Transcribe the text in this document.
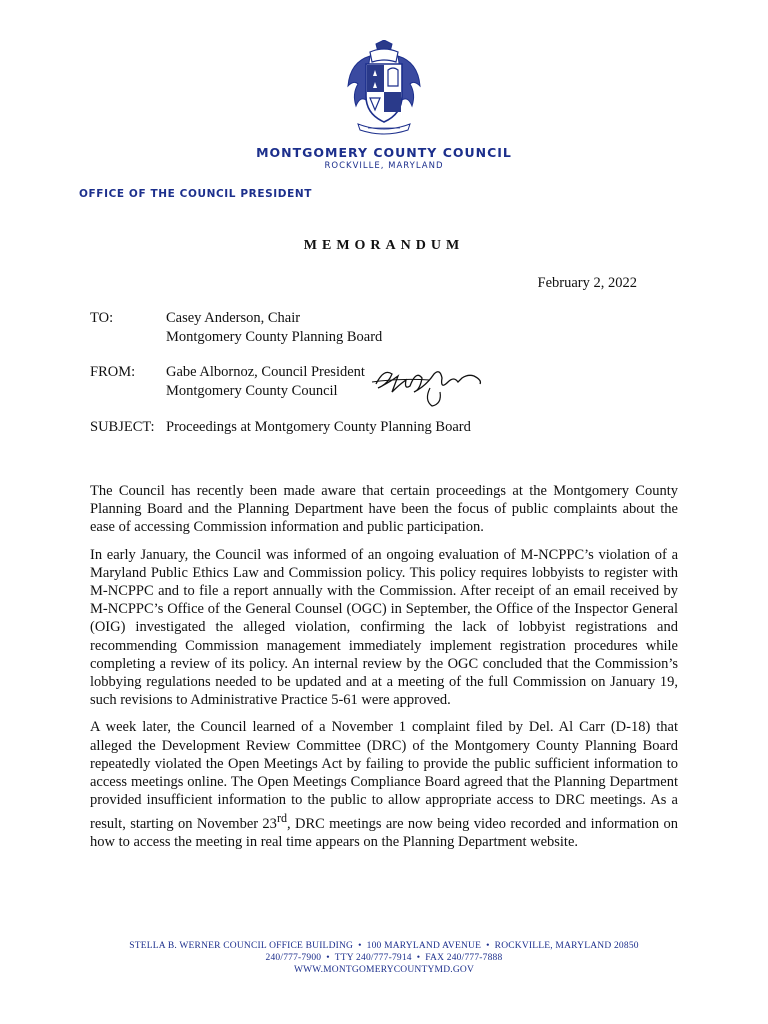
MONTGOMERY COUNTY COUNCIL
ROCKVILLE, MARYLAND
OFFICE OF THE COUNCIL PRESIDENT
MEMORANDUM
February 2, 2022
TO:	Casey Anderson, Chair
Montgomery County Planning Board
FROM: Gabe Albornoz, Council President
Montgomery County Council
SUBJECT: Proceedings at Montgomery County Planning Board

The Council has recently been made aware that certain proceedings at the Montgomery County Planning Board and the Planning Department have been the focus of public complaints about the ease of accessing Commission information and public participation.

In early January, the Council was informed of an ongoing evaluation of M-NCPPC’s violation of a Maryland Public Ethics Law and Commission policy. This policy requires lobbyists to register with M-NCPPC and to file a report annually with the Commission. After receipt of an email received by M-NCPPC’s Office of the General Counsel (OGC) in September, the Office of the Inspector General (OIG) investigated the alleged violation, confirming the lack of lobbyist registrations and recommending Commission management immediately implement registration procedures while completing a review of its policy. An internal review by the OGC concluded that the Commission’s lobbying regulations needed to be updated and at a meeting of the full Commission on January 19, such revisions to Administrative Practice 5-61 were approved.

A week later, the Council learned of a November 1 complaint filed by Del. Al Carr (D-18) that alleged the Development Review Committee (DRC) of the Montgomery County Planning Board repeatedly violated the Open Meetings Act by failing to provide the public sufficient information to access meetings online. The Open Meetings Compliance Board agreed that the Planning Department provided insufficient information to the public to allow appropriate access to DRC meetings. As a result, starting on November 23rd, DRC meetings are now being video recorded and information on how to access the meeting in real time appears on the Planning Department website.

STELLA B. WERNER COUNCIL OFFICE BUILDING • 100 MARYLAND AVENUE • ROCKVILLE, MARYLAND 20850
240/777-7900 • TTY 240/777-7914 • FAX 240/777-7888
WWW.MONTGOMERYCOUNTYMD.GOV
